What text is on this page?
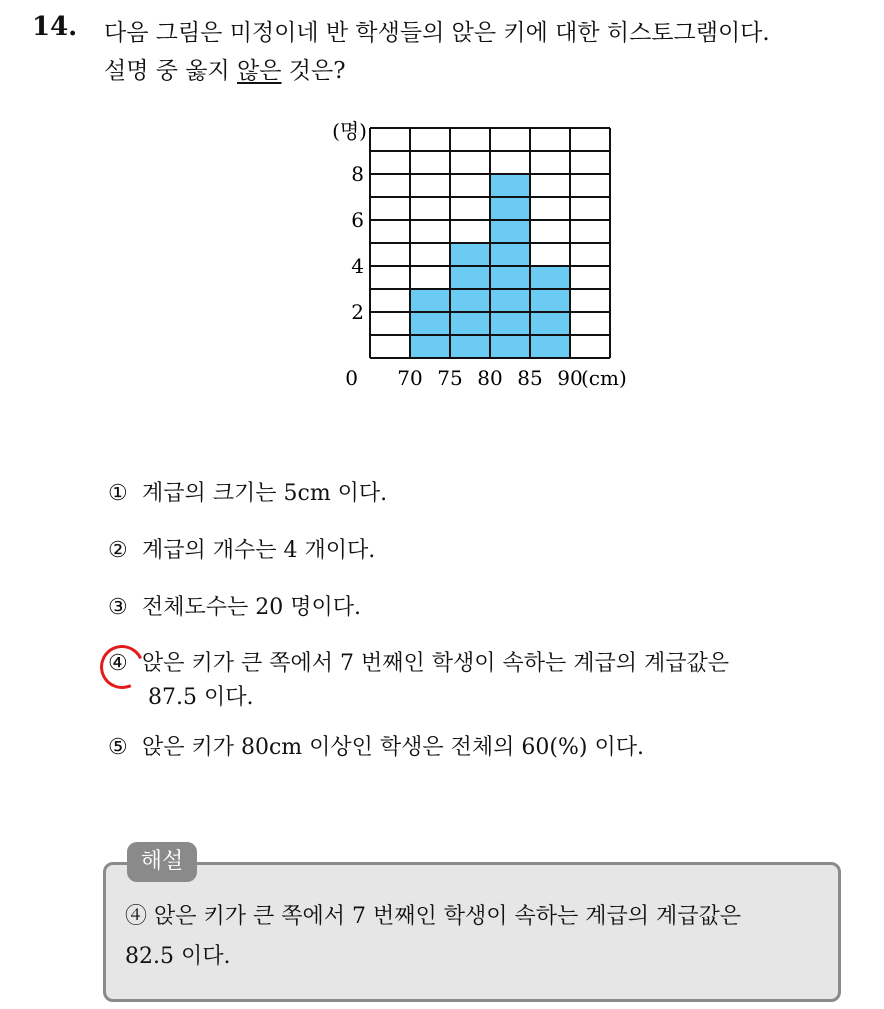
14. 다음 그림은 미정이네 반 학생들의 앉은 키에 대한 히스토그램이다.
설명 중 옳지 않은 것은?
2
4
6
8
(명)
0 70 75 80 85 90
(cm)
① 계급의 크기는 5cm 이다.
② 계급의 개수는 4 개이다.
③ 전체도수는 20 명이다.
④ 앉은 키가 큰 쪽에서 7 번째인 학생이 속하는 계급의 계급값은
87.5 이다.
⑤ 앉은 키가 80cm 이상인 학생은 전체의 60(%) 이다.
해설
④ 앉은 키가 큰 쪽에서 7 번째인 학생이 속하는 계급의 계급값은
82.5 이다.
